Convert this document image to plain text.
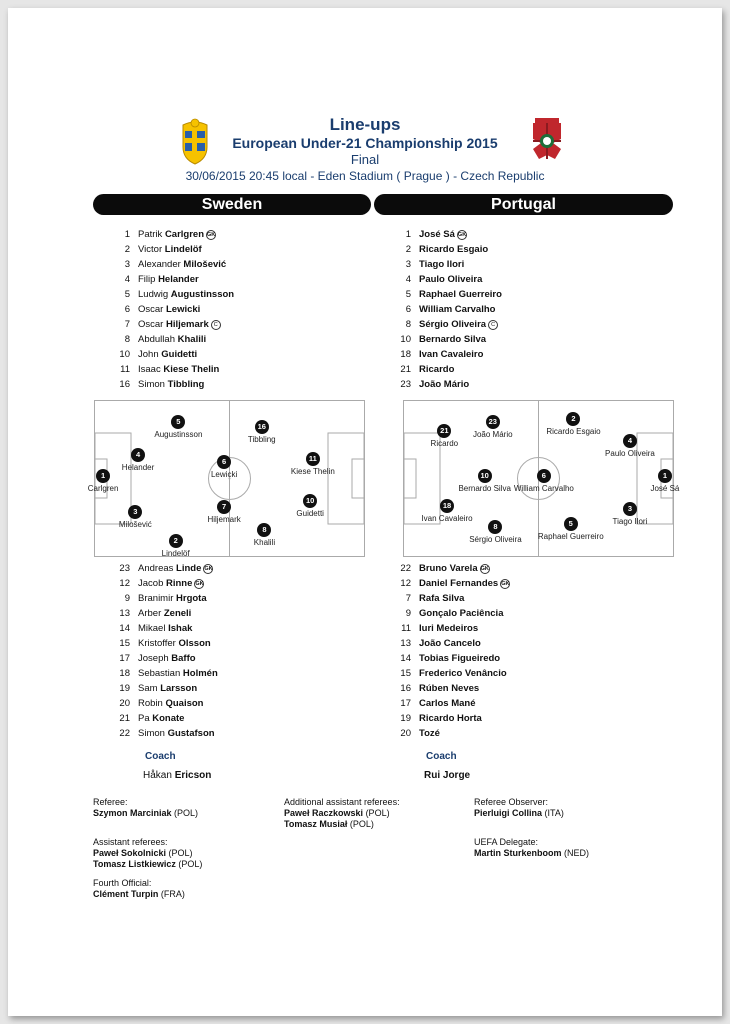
Line-ups
European Under-21 Championship 2015
Final
30/06/2015 20:45 local - Eden Stadium ( Prague ) - Czech Republic
Sweden	Portugal
1 Patrik Carlgren GK
2 Victor Lindelöf
3 Alexander Milošević
4 Filip Helander
5 Ludwig Augustinsson
6 Oscar Lewicki
7 Oscar Hiljemark C
8 Abdullah Khalili
10 John Guidetti
11 Isaac Kiese Thelin
16 Simon Tibbling
1 José Sá GK
2 Ricardo Esgaio
3 Tiago Ilori
4 Paulo Oliveira
5 Raphael Guerreiro
6 William Carvalho
8 Sérgio Oliveira C
10 Bernardo Silva
18 Ivan Cavaleiro
21 Ricardo
23 João Mário
1
Carlgren
4
Helander
5
Augustinsson
3
Milošević
2
Lindelöf
6
Lewicki
7
Hiljemark
16
Tibbling
8
Khalili
11
Kiese Thelin
10
Guidetti
21
Ricardo
23
João Mário
2
Ricardo Esgaio
4
Paulo Oliveira
10
Bernardo Silva
6
William Carvalho
1
José Sá
18
Ivan Cavaleiro
3
Tiago Ilori
8
Sérgio Oliveira
5
Raphael Guerreiro
23 Andreas Linde GK
12 Jacob Rinne GK
9 Branimir Hrgota
13 Arber Zeneli
14 Mikael Ishak
15 Kristoffer Olsson
17 Joseph Baffo
18 Sebastian Holmén
19 Sam Larsson
20 Robin Quaison
21 Pa Konate
22 Simon Gustafson
22 Bruno Varela GK
12 Daniel Fernandes GK
7 Rafa Silva
9 Gonçalo Paciência
11 Iuri Medeiros
13 João Cancelo
14 Tobias Figueiredo
15 Frederico Venâncio
16 Rúben Neves
17 Carlos Mané
19 Ricardo Horta
20 Tozé
Coach
Håkan Ericson
Coach
Rui Jorge
Referee:
Szymon Marciniak (POL)
Assistant referees:
Paweł Sokolnicki (POL)
Tomasz Listkiewicz (POL)
Fourth Official:
Clément Turpin (FRA)
Additional assistant referees:
Paweł Raczkowski (POL)
Tomasz Musiał (POL)
Referee Observer:
Pierluigi Collina (ITA)
UEFA Delegate:
Martin Sturkenboom (NED)
